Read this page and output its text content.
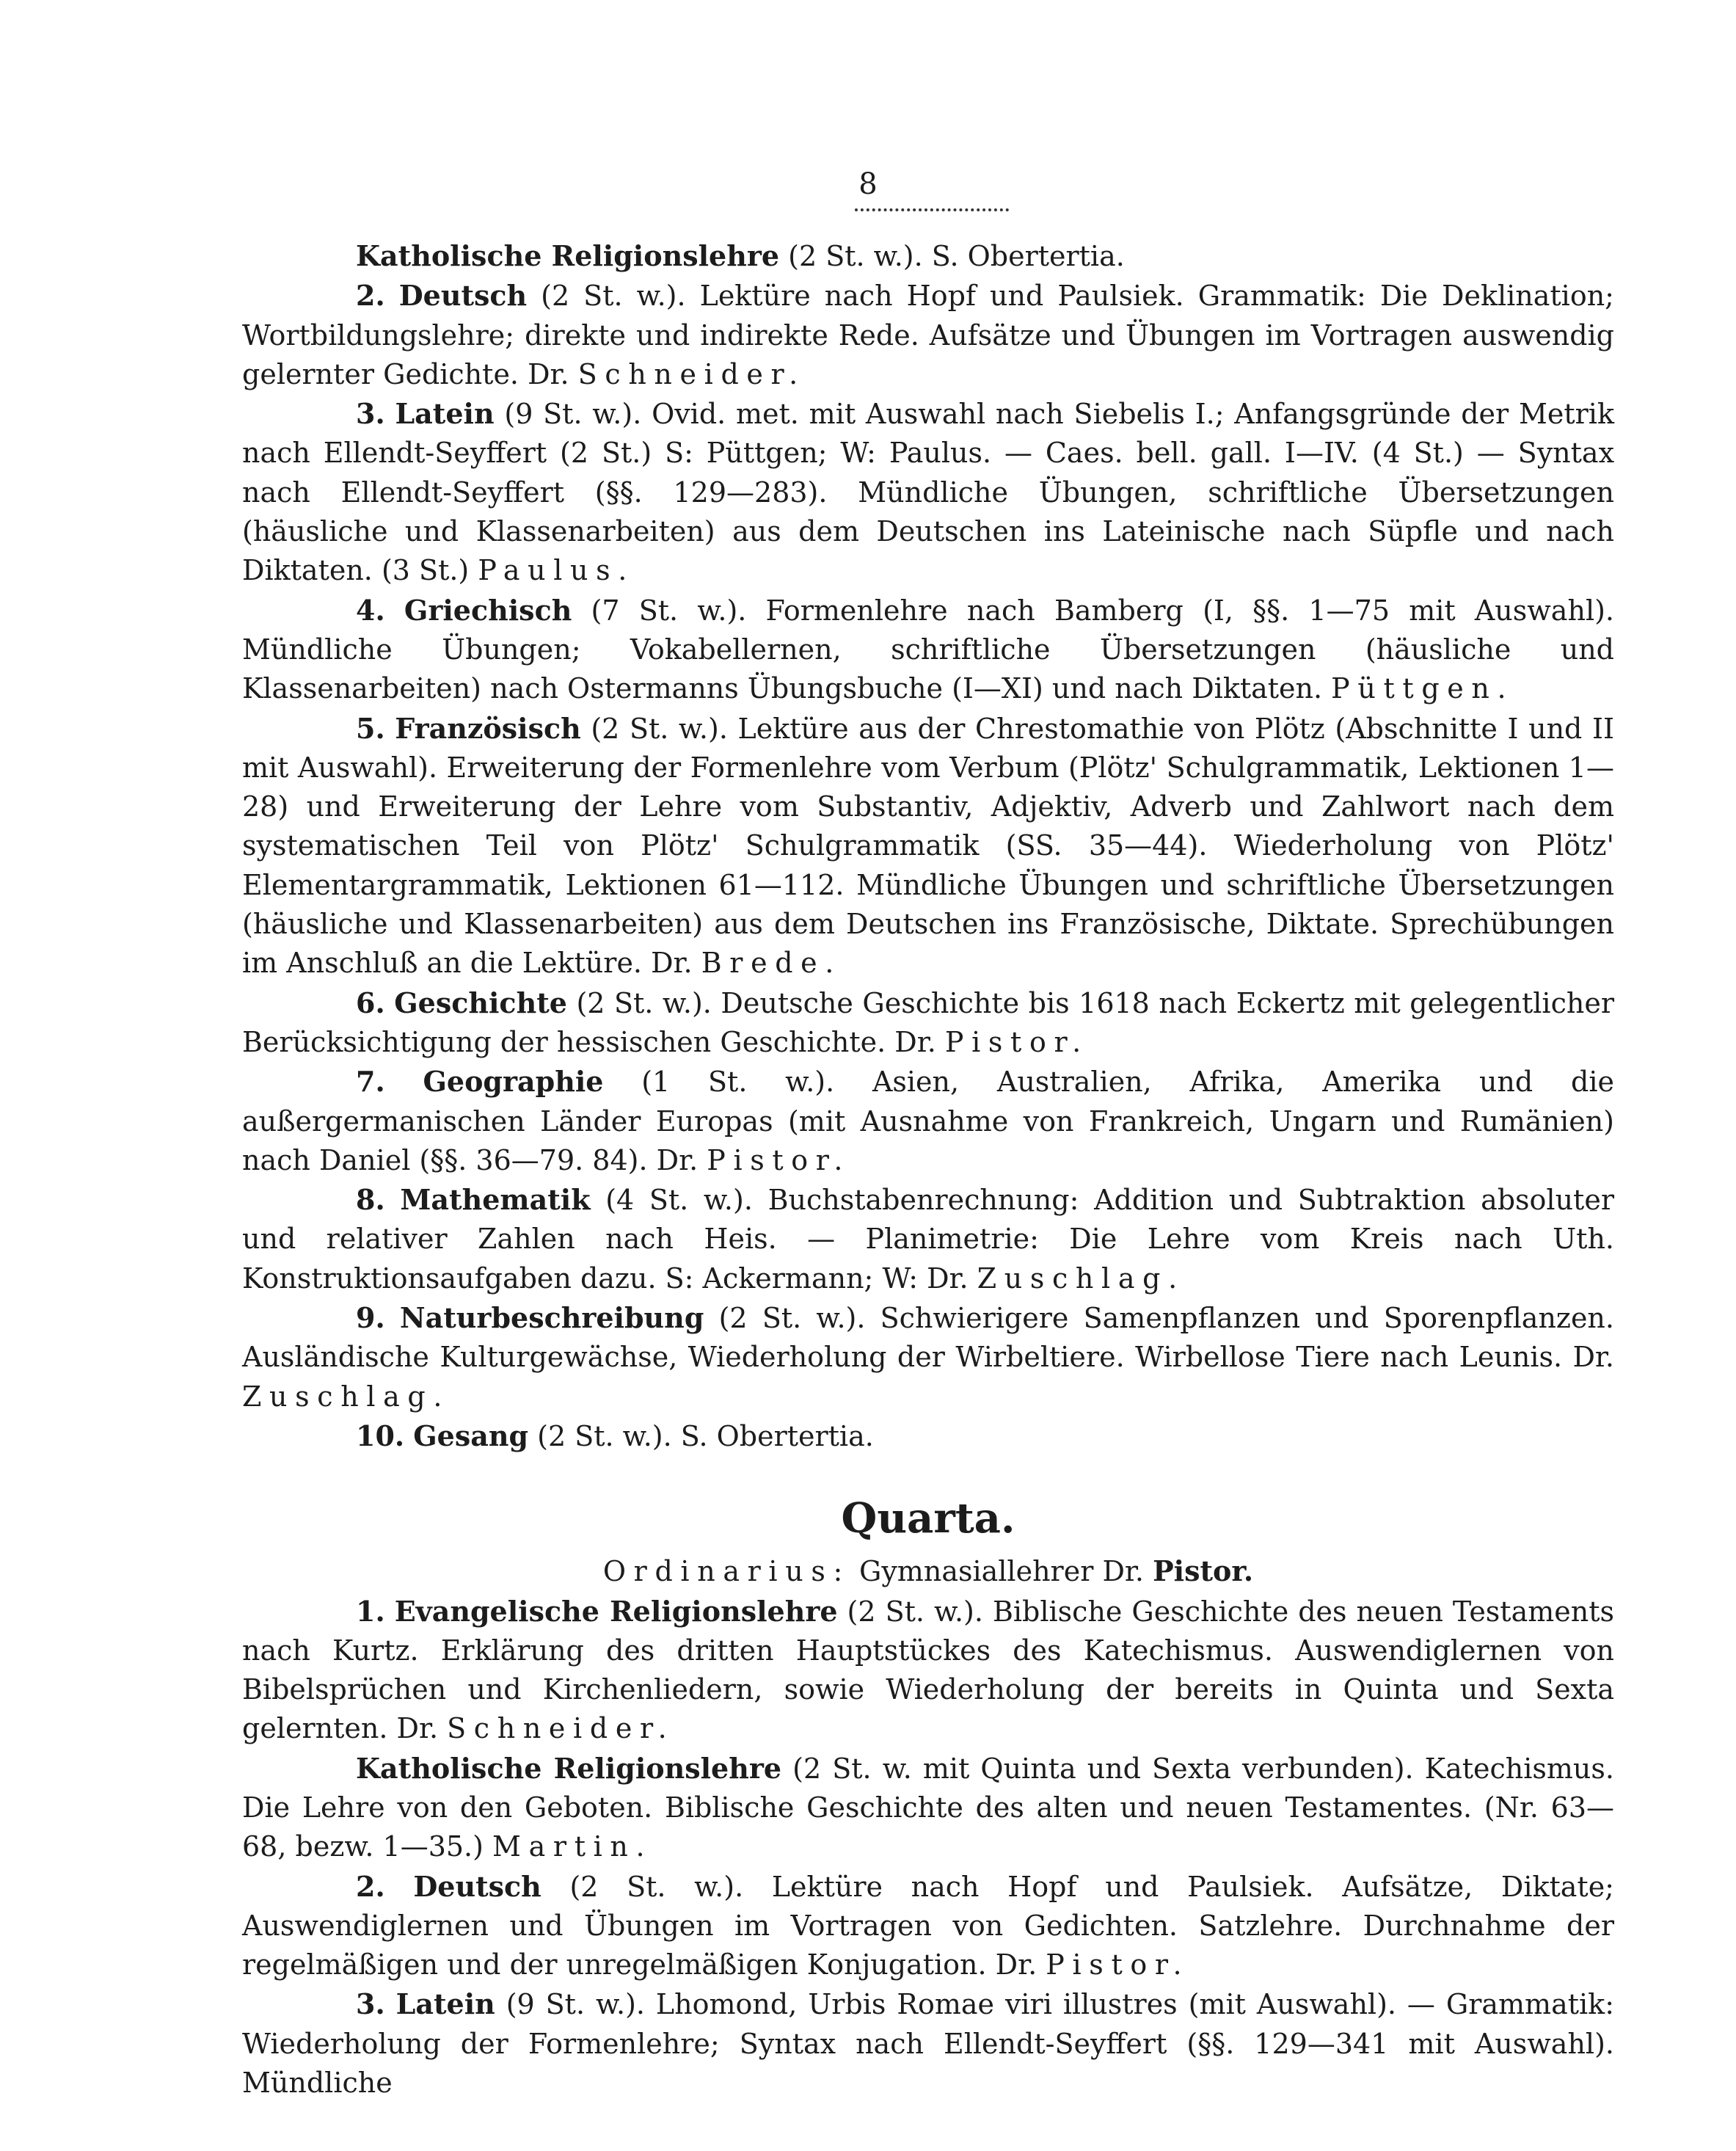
8

Katholische Religionslehre (2 St. w.). S. Obertertia.

2. Deutsch (2 St. w.). Lektüre nach Hopf und Paulsiek. Grammatik: Die Deklination; Wortbildungslehre; direkte und indirekte Rede. Aufsätze und Übungen im Vortragen auswendig gelernter Gedichte. Dr. Schneider.

3. Latein (9 St. w.). Ovid. met. mit Auswahl nach Siebelis I.; Anfangsgründe der Metrik nach Ellendt-Seyffert (2 St.) S: Püttgen; W: Paulus. — Caes. bell. gall. I—IV. (4 St.) — Syntax nach Ellendt-Seyffert (§§. 129—283). Mündliche Übungen, schriftliche Übersetzungen (häusliche und Klassenarbeiten) aus dem Deutschen ins Lateinische nach Süpfle und nach Diktaten. (3 St.) Paulus.

4. Griechisch (7 St. w.). Formenlehre nach Bamberg (I, §§. 1—75 mit Auswahl). Mündliche Übungen; Vokabellernen, schriftliche Übersetzungen (häusliche und Klassenarbeiten) nach Ostermanns Übungsbuche (I—XI) und nach Diktaten. Püttgen.

5. Französisch (2 St. w.). Lektüre aus der Chrestomathie von Plötz (Abschnitte I und II mit Auswahl). Erweiterung der Formenlehre vom Verbum (Plötz' Schulgrammatik, Lektionen 1—28) und Erweiterung der Lehre vom Substantiv, Adjektiv, Adverb und Zahlwort nach dem systematischen Teil von Plötz' Schulgrammatik (SS. 35—44). Wiederholung von Plötz' Elementargrammatik, Lektionen 61—112. Mündliche Übungen und schriftliche Übersetzungen (häusliche und Klassenarbeiten) aus dem Deutschen ins Französische, Diktate. Sprechübungen im Anschluß an die Lektüre. Dr. Brede.

6. Geschichte (2 St. w.). Deutsche Geschichte bis 1618 nach Eckertz mit gelegentlicher Berücksichtigung der hessischen Geschichte. Dr. Pistor.

7. Geographie (1 St. w.). Asien, Australien, Afrika, Amerika und die außergermanischen Länder Europas (mit Ausnahme von Frankreich, Ungarn und Rumänien) nach Daniel (§§. 36—79. 84). Dr. Pistor.

8. Mathematik (4 St. w.). Buchstabenrechnung: Addition und Subtraktion absoluter und relativer Zahlen nach Heis. — Planimetrie: Die Lehre vom Kreis nach Uth. Konstruktionsaufgaben dazu. S: Ackermann; W: Dr. Zuschlag.

9. Naturbeschreibung (2 St. w.). Schwierigere Samenpflanzen und Sporenpflanzen. Ausländische Kulturgewächse, Wiederholung der Wirbeltiere. Wirbellose Tiere nach Leunis. Dr. Zuschlag.

10. Gesang (2 St. w.). S. Obertertia.

Quarta.

Ordinarius: Gymnasiallehrer Dr. Pistor.

1. Evangelische Religionslehre (2 St. w.). Biblische Geschichte des neuen Testaments nach Kurtz. Erklärung des dritten Hauptstückes des Katechismus. Auswendiglernen von Bibelsprüchen und Kirchenliedern, sowie Wiederholung der bereits in Quinta und Sexta gelernten. Dr. Schneider.

Katholische Religionslehre (2 St. w. mit Quinta und Sexta verbunden). Katechismus. Die Lehre von den Geboten. Biblische Geschichte des alten und neuen Testamentes. (Nr. 63—68, bezw. 1—35.) Martin.

2. Deutsch (2 St. w.). Lektüre nach Hopf und Paulsiek. Aufsätze, Diktate; Auswendiglernen und Übungen im Vortragen von Gedichten. Satzlehre. Durchnahme der regelmäßigen und der unregelmäßigen Konjugation. Dr. Pistor.

3. Latein (9 St. w.). Lhomond, Urbis Romae viri illustres (mit Auswahl). — Grammatik: Wiederholung der Formenlehre; Syntax nach Ellendt-Seyffert (§§. 129—341 mit Auswahl). Mündliche
